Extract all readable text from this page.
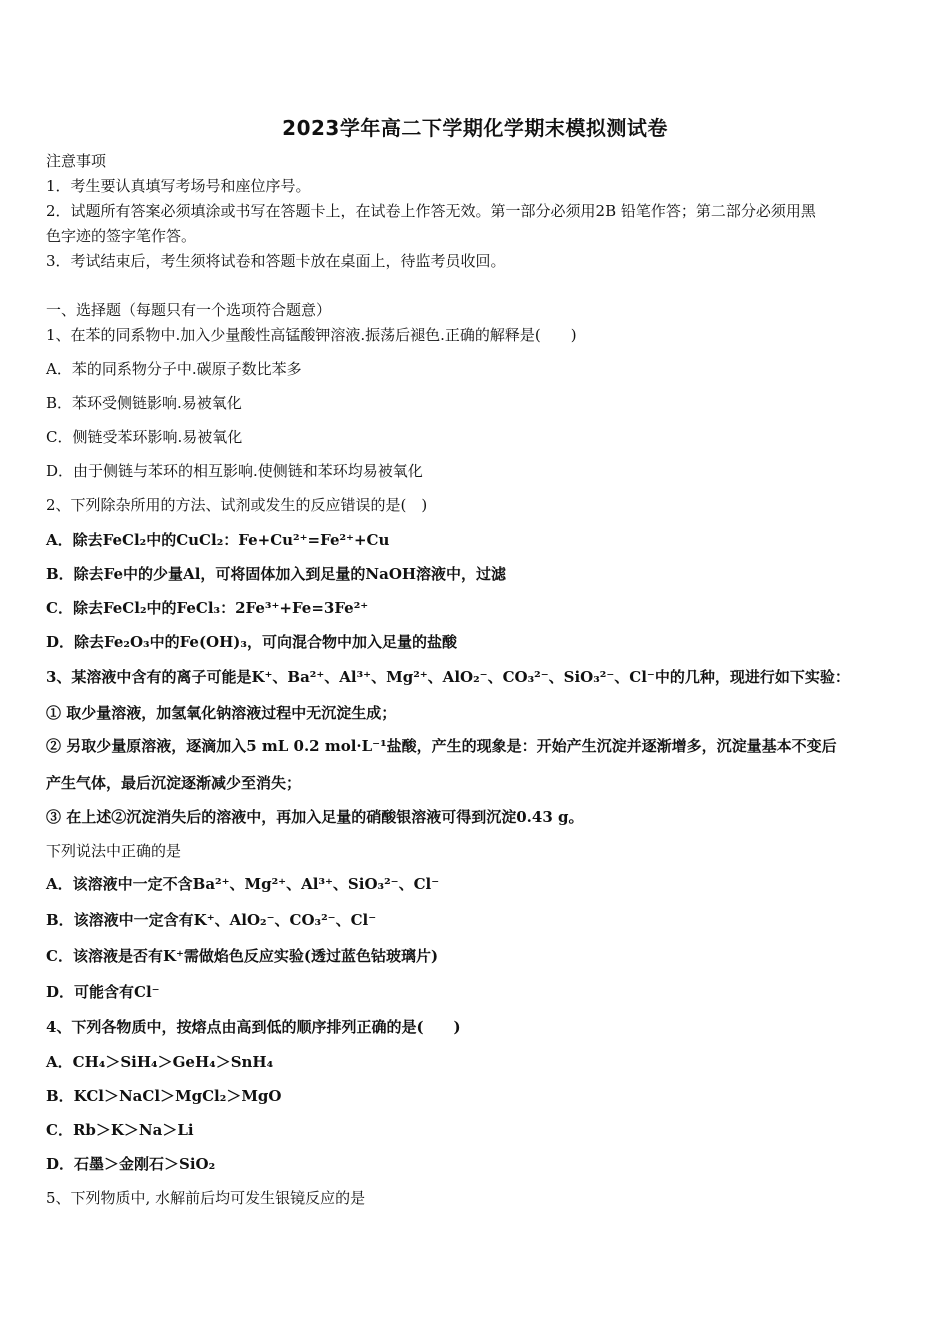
2023学年高二下学期化学期末模拟测试卷
注意事项
1．考生要认真填写考场号和座位序号。
2．试题所有答案必须填涂或书写在答题卡上，在试卷上作答无效。第一部分必须用2B 铅笔作答；第二部分必须用黑
色字迹的签字笔作答。
3．考试结束后，考生须将试卷和答题卡放在桌面上，待监考员收回。
一、选择题（每题只有一个选项符合题意）
1、在苯的同系物中.加入少量酸性高锰酸钾溶液.振荡后褪色.正确的解释是(　　)
A．苯的同系物分子中.碳原子数比苯多
B．苯环受侧链影响.易被氧化
C．侧链受苯环影响.易被氧化
D．由于侧链与苯环的相互影响.使侧链和苯环均易被氧化
2、下列除杂所用的方法、试剂或发生的反应错误的是(　)
A．除去FeCl₂中的CuCl₂：Fe+Cu²⁺=Fe²⁺+Cu
B．除去Fe中的少量Al，可将固体加入到足量的NaOH溶液中，过滤
C．除去FeCl₂中的FeCl₃：2Fe³⁺+Fe=3Fe²⁺
D．除去Fe₂O₃中的Fe(OH)₃，可向混合物中加入足量的盐酸
3、某溶液中含有的离子可能是K⁺、Ba²⁺、Al³⁺、Mg²⁺、AlO₂⁻、CO₃²⁻、SiO₃²⁻、Cl⁻中的几种，现进行如下实验：
① 取少量溶液，加氢氧化钠溶液过程中无沉淀生成；
② 另取少量原溶液，逐滴加入5 mL 0.2 mol·L⁻¹盐酸，产生的现象是：开始产生沉淀并逐渐增多，沉淀量基本不变后
产生气体，最后沉淀逐渐减少至消失；
③ 在上述②沉淀消失后的溶液中，再加入足量的硝酸银溶液可得到沉淀0.43 g。
下列说法中正确的是
A．该溶液中一定不含Ba²⁺、Mg²⁺、Al³⁺、SiO₃²⁻、Cl⁻
B．该溶液中一定含有K⁺、AlO₂⁻、CO₃²⁻、Cl⁻
C．该溶液是否有K⁺需做焰色反应实验(透过蓝色钴玻璃片)
D．可能含有Cl⁻
4、下列各物质中，按熔点由高到低的顺序排列正确的是(　　)
A．CH₄＞SiH₄＞GeH₄＞SnH₄
B．KCl＞NaCl＞MgCl₂＞MgO
C．Rb＞K＞Na＞Li
D．石墨＞金刚石＞SiO₂
5、下列物质中, 水解前后均可发生银镜反应的是
